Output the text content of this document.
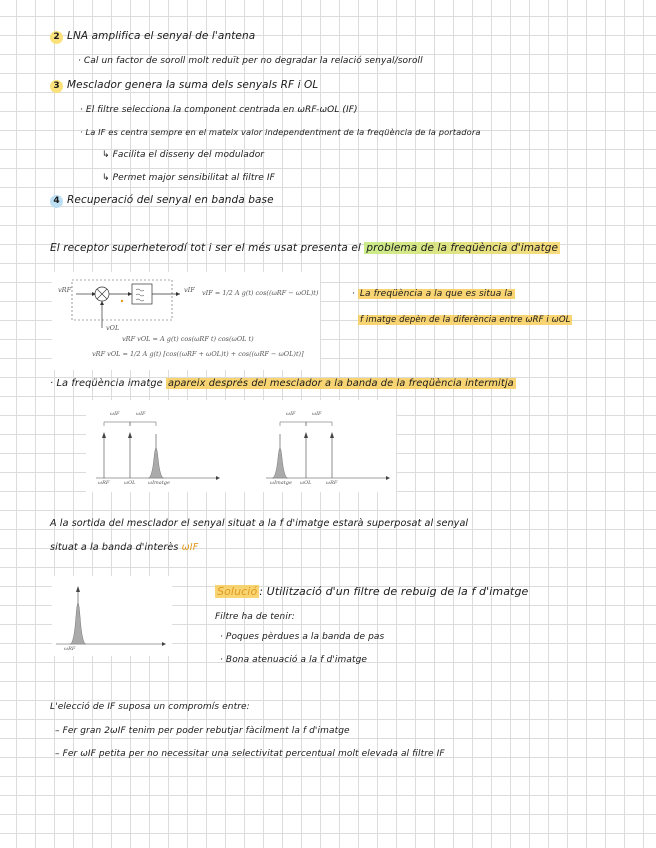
2 LNA amplifica el senyal de l'antena
· Cal un factor de soroll molt reduït per no degradar la relació senyal/soroll
3 Mesclador genera la suma dels senyals RF i OL
· El filtre selecciona la component centrada en ωRF-ωOL (IF)
· La IF es centra sempre en el mateix valor independentment de la freqüència de la portadora
↳ Facilita el disseny del modulador
↳ Permet major sensibilitat al filtre IF
4 Recuperació del senyal en banda base
El receptor superheterodí tot i ser el més usat presenta el problema de la freqüència d'imatge
vRF	vIF
vOL
vIF = 1/2 A g(t) cos((ωRF − ωOL)t)
vRF vOL = A g(t) cos(ωRF t) cos(ωOL t)
vRF vOL = 1/2 A g(t) [cos((ωRF + ωOL)t) + cos((ωRF − ωOL)t)]
· La freqüència a la que es situa la
f imatge depèn de la diferència entre ωRF i ωOL
· La freqüència imatge apareix després del mesclador a la banda de la freqüència intermitja
ωIF	ωIF	ωIF	ωIF
ωRF	ωOL	ωImatge	ωImatge ωOL	ωRF
A la sortida del mesclador el senyal situat a la f d'imatge estarà superposat al senyal
situat a la banda d'interès ωIF
ωRF
Solució : Utilització d'un filtre de rebuig de la f d'imatge
Filtre ha de tenir:
· Poques pèrdues a la banda de pas
· Bona atenuació a la f d'imatge
L'elecció de IF suposa un compromís entre:
– Fer gran 2ωIF tenim per poder rebutjar fàcilment la f d'imatge
– Fer ωIF petita per no necessitar una selectivitat percentual molt elevada al filtre IF
